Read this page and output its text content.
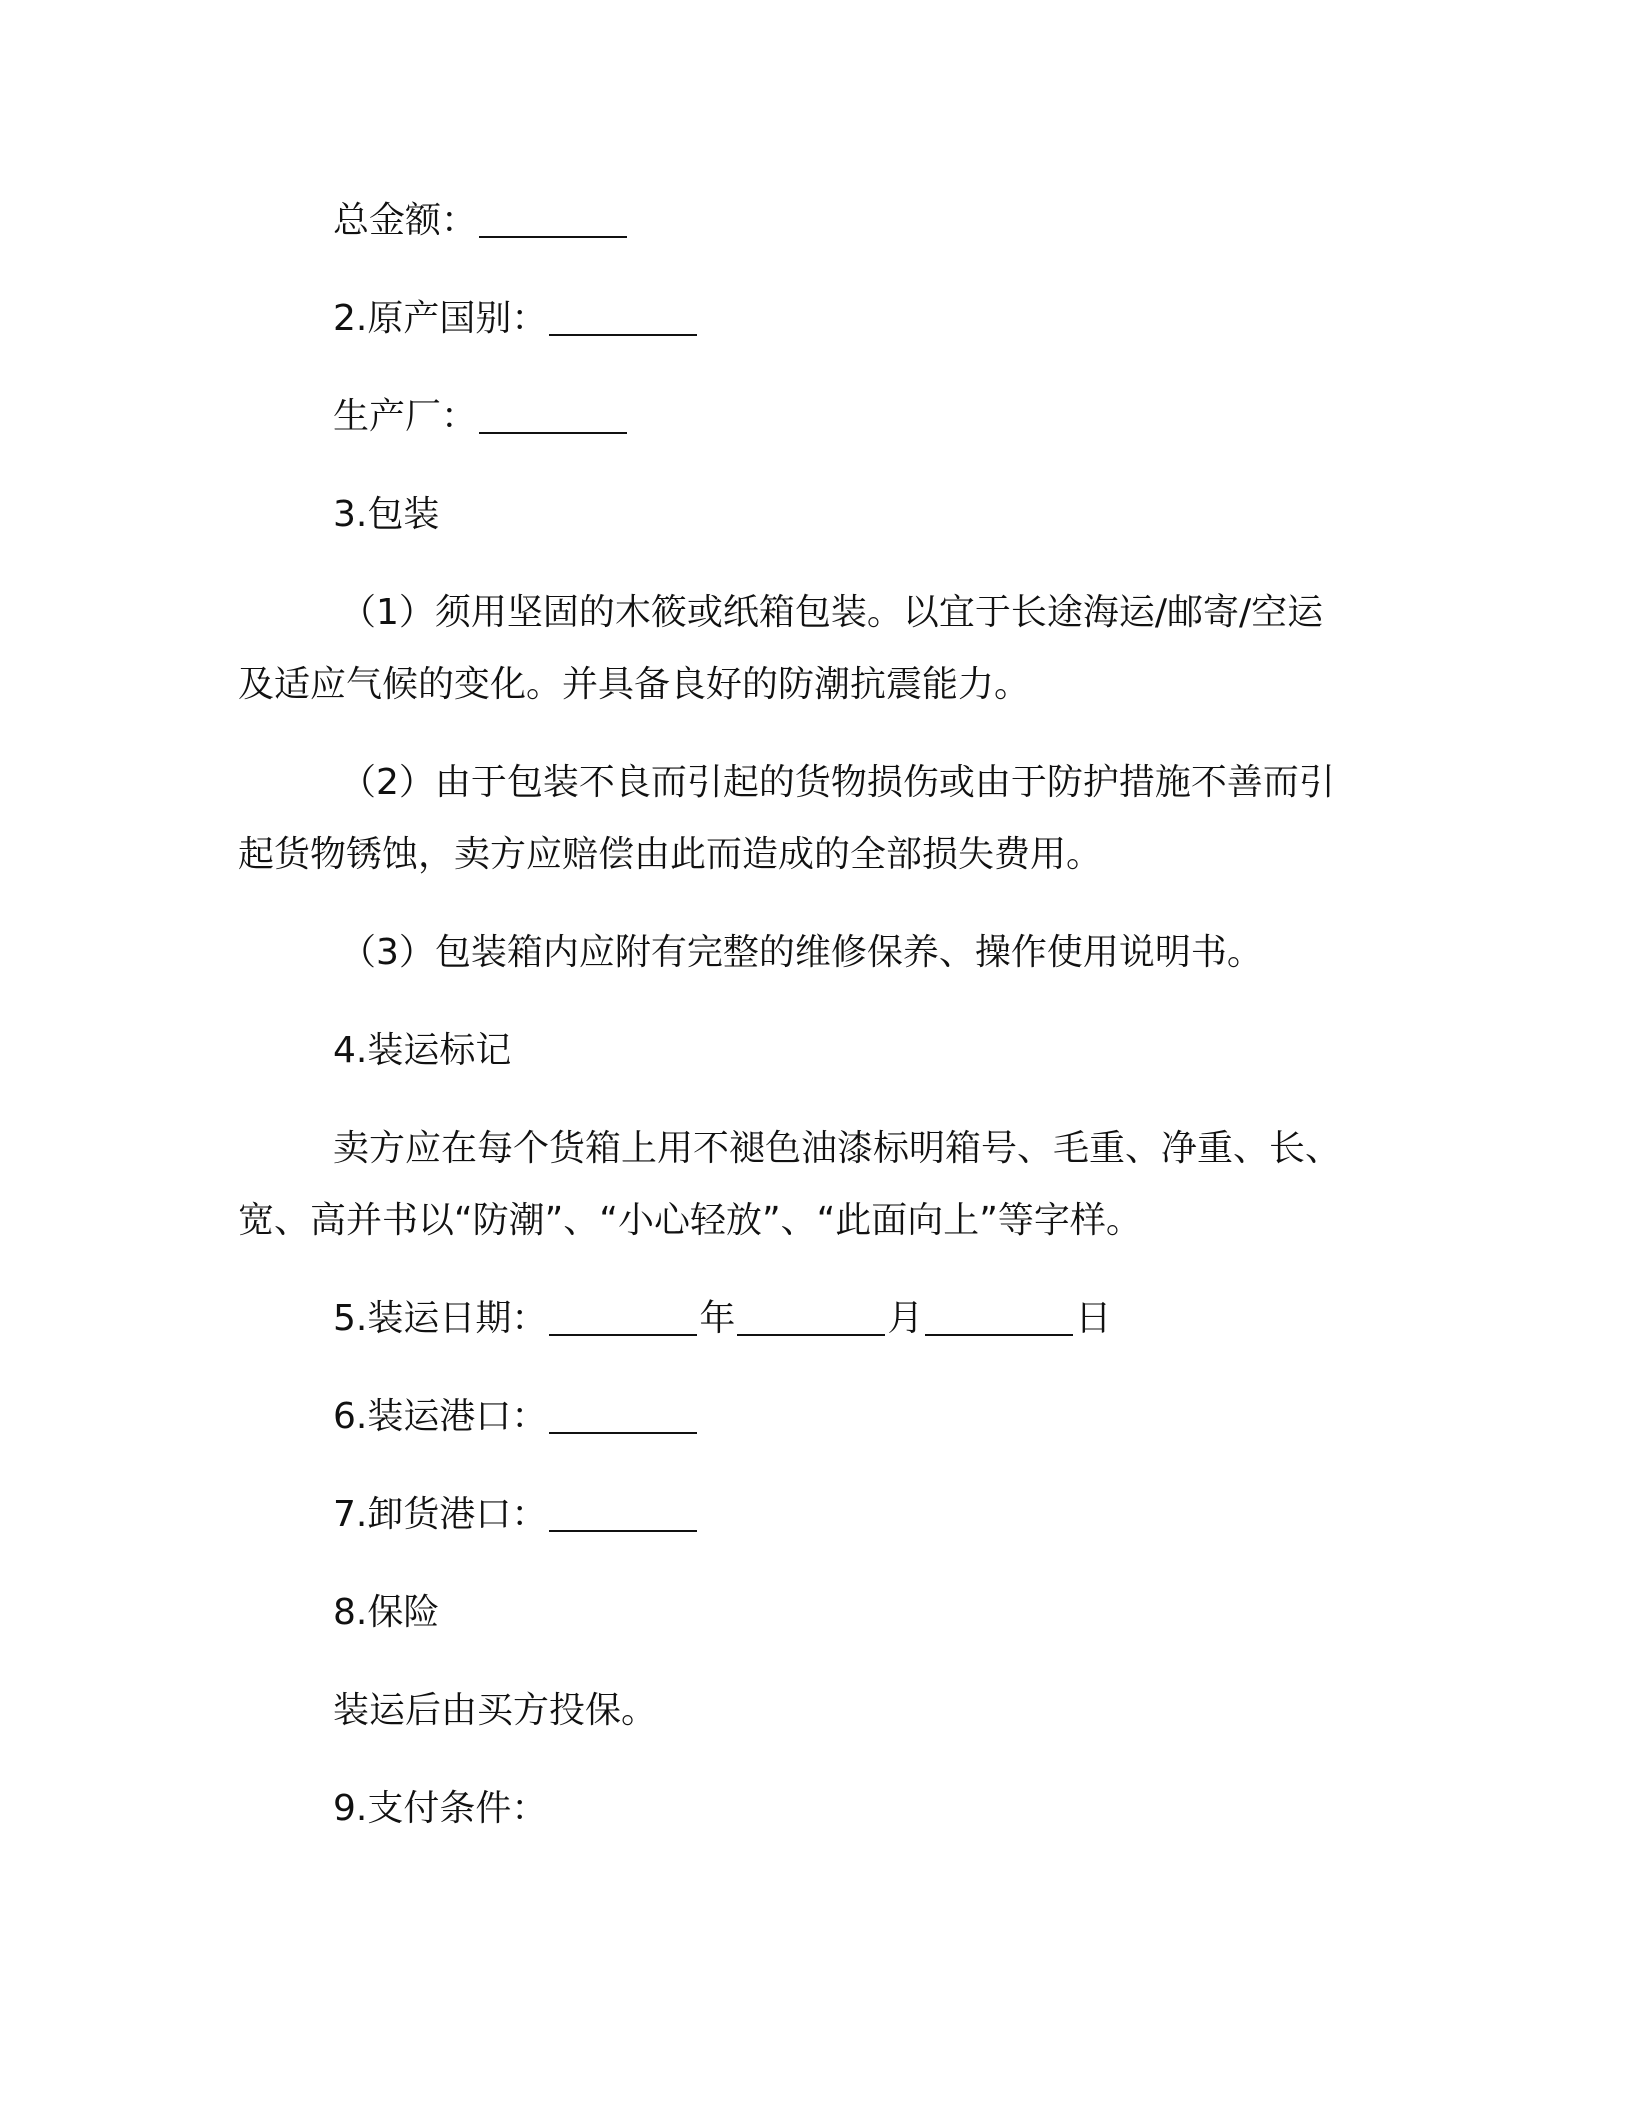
总金额：
2.原产国别：
生产厂：
3.包装
（1）须用坚固的木筱或纸箱包装。以宜于长途海运/邮寄/空运
及适应气候的变化。并具备良好的防潮抗震能力。
（2）由于包装不良而引起的货物损伤或由于防护措施不善而引
起货物锈蚀，卖方应赔偿由此而造成的全部损失费用。
（3）包装箱内应附有完整的维修保养、操作使用说明书。
4.装运标记
卖方应在每个货箱上用不褪色油漆标明箱号、毛重、净重、长、
宽、高并书以“防潮”、“小心轻放”、“此面向上”等字样。
5.装运日期：	年	月	日
6.装运港口：
7.卸货港口：
8.保险
装运后由买方投保。
9.支付条件：
